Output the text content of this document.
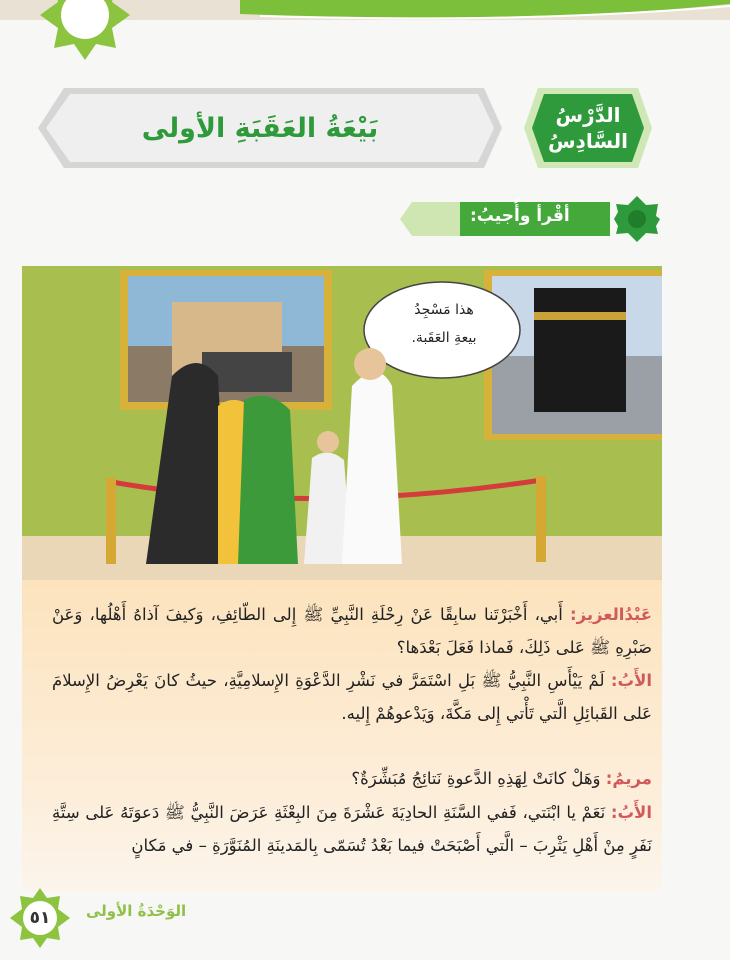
الدَّرْسُ
السَّادِسُ
بَيْعَةُ العَقَبَةِ الأولى
أقْرأ وأُجيبُ:
هذا مَسْجِدُ
بيعةِ العَقَبة.
عَبْدُالعزيز: أَبي، أَخْبَرْتَنا سابِقًا عَنْ رِحْلَةِ النَّبِيِّ ﷺ إِلى الطّائِفِ، وَكيفَ آذاهُ أَهْلُها، وَعَنْ صَبْرِهِ ﷺ عَلى ذَلِكَ، فَماذا فَعَلَ بَعْدَها؟
الأَبُ: لَمْ يَيْأَسِ النَّبِيُّ ﷺ بَلِ اسْتَمَرَّ في نَشْرِ الدَّعْوَةِ الإِسلامِيَّةِ، حيثُ كانَ يَعْرِضُ الإِسلامَ عَلى القَبائِلِ الَّتي تَأْتي إِلى مَكَّةَ، وَيَدْعوهُمْ إِليه.
مريمُ: وَهَلْ كانَتْ لِهَذِهِ الدَّعوةِ نَتائِجُ مُبَشِّرَةٌ؟
الأَبُ: نَعَمْ يا ابْنَتي، فَفي السَّنَةِ الحادِيَةَ عَشْرَةَ مِنَ البِعْثَةِ عَرَضَ النَّبِيُّ ﷺ دَعوَتَهُ عَلى سِتَّةِ نَفَرٍ مِنْ أَهْلِ يَثْرِبَ – الَّتي أَصْبَحَتْ فيما بَعْدُ تُسَمّى بِالمَدينَةِ المُنَوَّرَةِ – في مَكانٍ
٥١	الوَحْدَةُ الأولى
